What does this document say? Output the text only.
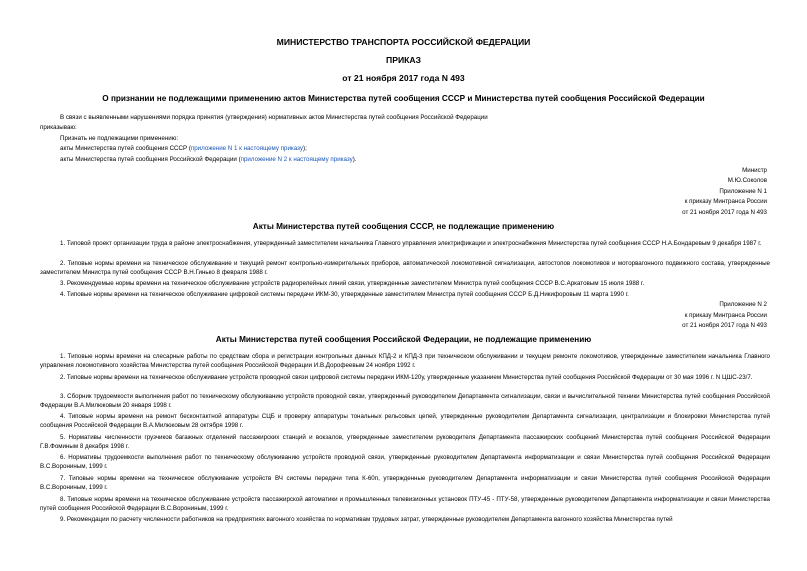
МИНИСТЕРСТВО ТРАНСПОРТА РОССИЙСКОЙ ФЕДЕРАЦИИ
ПРИКАЗ
от 21 ноября 2017 года N 493
О признании не подлежащими применению актов Министерства путей сообщения СССР и Министерства путей сообщения Российской Федерации
В связи с выявленными нарушениями порядка принятия (утверждения) нормативных актов Министерства путей сообщения Российской Федерации
приказываю:
Признать не подлежащими применению:
акты Министерства путей сообщения СССР (приложение N 1 к настоящему приказу);
акты Министерства путей сообщения Российской Федерации (приложение N 2 к настоящему приказу).
Министр
М.Ю.Соколов
Приложение N 1
к приказу Минтранса России
от 21 ноября 2017 года N 493
Акты Министерства путей сообщения СССР, не подлежащие применению
1. Типовой проект организации труда в районе электроснабжения, утвержденный заместителем начальника Главного управления электрификации и электроснабжения Министерства путей сообщения СССР Н.А.Бондаревым 9 декабря 1987 г.
2. Типовые нормы времени на техническое обслуживание и текущий ремонт контрольно-измерительных приборов, автоматической локомотивной сигнализации, автостопов локомотивов и моторвагонного подвижного состава, утвержденные заместителем Министра путей сообщения СССР В.Н.Гинько 8 февраля 1988 г.
3. Рекомендуемые нормы времени на техническое обслуживание устройств радиорелейных линий связи, утвержденные заместителем Министра путей сообщения СССР В.С.Аркатовым 15 июля 1988 г.
4. Типовые нормы времени на техническое обслуживание цифровой системы передачи ИКМ-30, утвержденные заместителем Министра путей сообщения СССР Б.Д.Никифоровым 11 марта 1990 г.
Приложение N 2
к приказу Минтранса России
от 21 ноября 2017 года N 493
Акты Министерства путей сообщения Российской Федерации, не подлежащие применению
1. Типовые нормы времени на слесарные работы по средствам сбора и регистрации контрольных данных КПД-2 и КПД-3 при техническом обслуживании и текущем ремонте локомотивов, утвержденные заместителем начальника Главного управления локомотивного хозяйства Министерства путей сообщения Российской Федерации И.В.Дорофеевым 24 ноября 1992 г.
2. Типовые нормы времени на техническое обслуживание устройств проводной связи цифровой системы передачи ИКМ-120у, утвержденные указанием Министерства путей сообщения Российской Федерации от 30 мая 1996 г. N ЦШС-23/7.
3. Сборник трудоемкости выполнения работ по техническому обслуживанию устройств проводной связи, утвержденный руководителем Департамента сигнализации, связи и вычислительной техники Министерства путей сообщения Российской Федерации В.А.Милюковым 20 января 1998 г.
4. Типовые нормы времени на ремонт бесконтактной аппаратуры СЦБ и проверку аппаратуры тональных рельсовых цепей, утвержденные руководителем Департамента сигнализации, централизации и блокировки Министерства путей сообщения Российской Федерации В.А.Милюковым 28 октября 1998 г.
5. Нормативы численности грузчиков багажных отделений пассажирских станций и вокзалов, утвержденные заместителем руководителя Департамента пассажирских сообщений Министерства путей сообщения Российской Федерации Г.В.Фоминым 8 декабря 1998 г.
6. Нормативы трудоемкости выполнения работ по техническому обслуживанию устройств проводной связи, утвержденные руководителем Департамента информатизации и связи Министерства путей сообщения Российской Федерации В.С.Ворониным, 1999 г.
7. Типовые нормы времени на техническое обслуживание устройств ВЧ системы передачи типа К-60п, утвержденные руководителем Департамента информатизации и связи Министерства путей сообщения Российской Федерации В.С.Ворониным, 1999 г.
8. Типовые нормы времени на техническое обслуживание устройств пассажирской автоматики и промышленных телевизионных установок ПТУ-45 - ПТУ-58, утвержденные руководителем Департамента информатизации и связи Министерства путей сообщения Российской Федерации В.С.Ворониным, 1999 г.
9. Рекомендации по расчету численности работников на предприятиях вагонного хозяйства по нормативам трудовых затрат, утвержденные руководителем Департамента вагонного хозяйства Министерства путей
